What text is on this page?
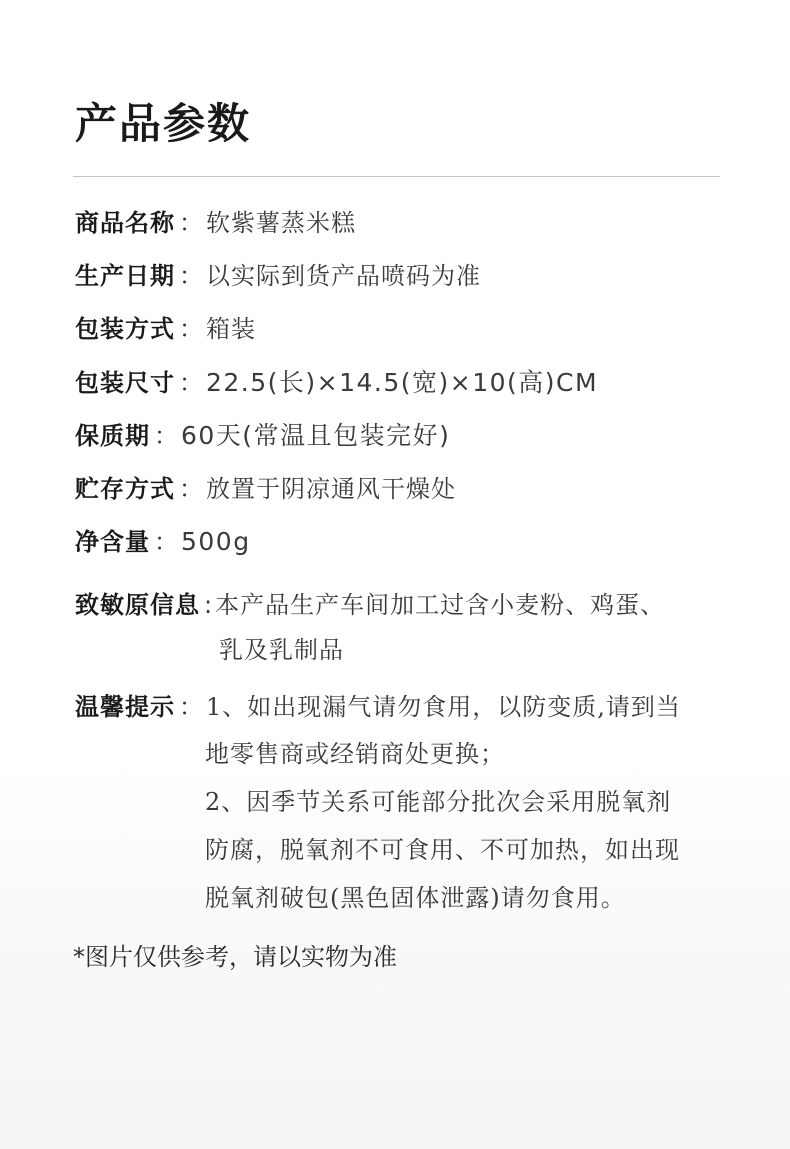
产品参数
商品名称 ：软紫薯蒸米糕
生产日期 ：以实际到货产品喷码为准
包装方式 ：箱装
包装尺寸 ：22.5(长)×14.5(宽)×10(高)CM
保质期 ：60天(常温且包装完好)
贮存方式 ：放置于阴凉通风干燥处
净含量 ：500g
致敏原信息 :本产品生产车间加工过含小麦粉、鸡蛋、
乳及乳制品
温馨提示 ：1、如出现漏气请勿食用，以防变质,请到当
地零售商或经销商处更换；
2、因季节关系可能部分批次会采用脱氧剂
防腐，脱氧剂不可食用、不可加热，如出现
脱氧剂破包(黑色固体泄露)请勿食用。
*图片仅供参考，请以实物为准
